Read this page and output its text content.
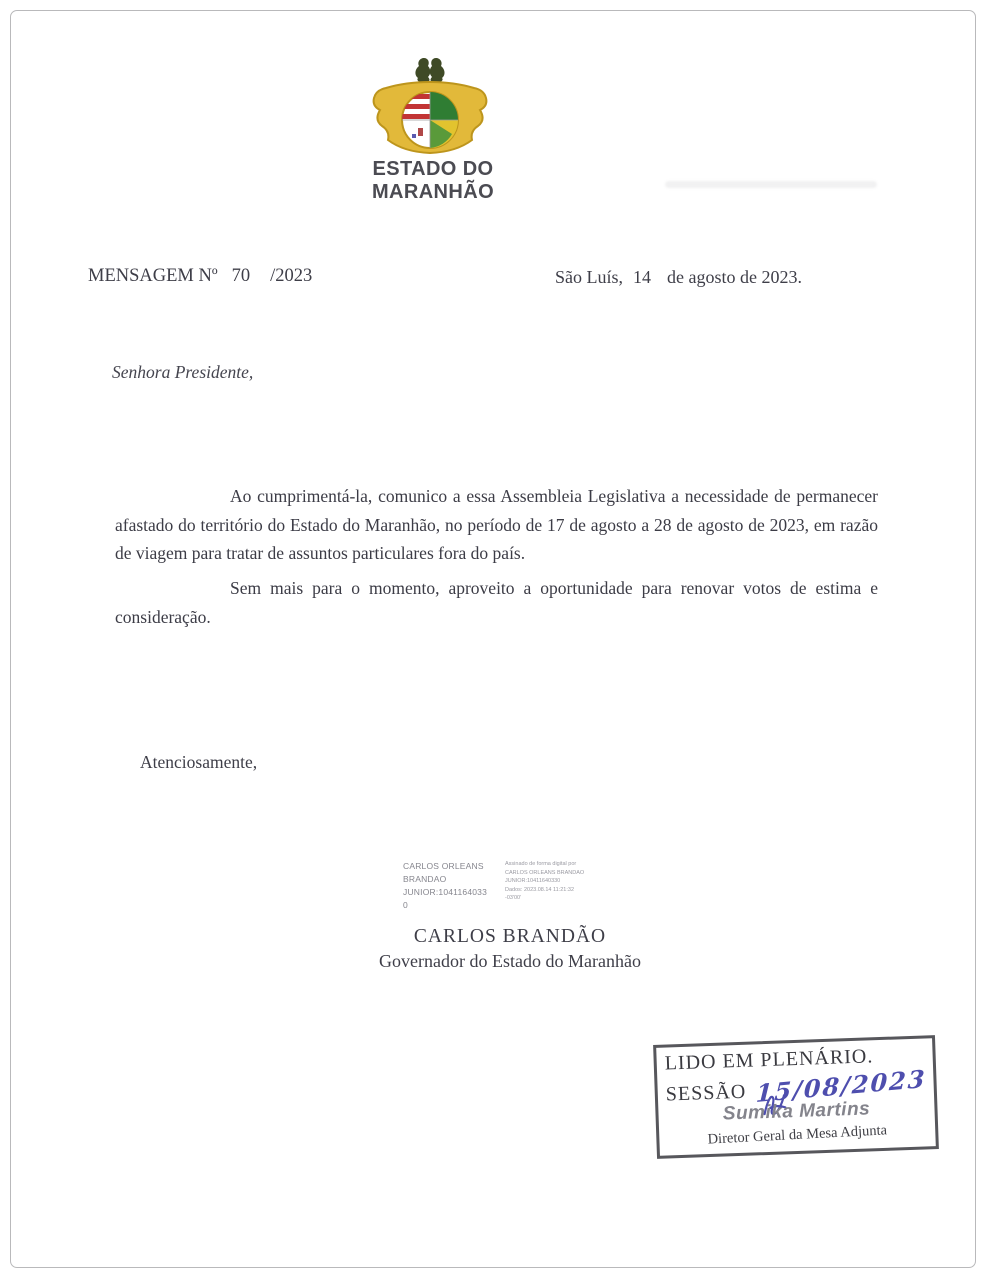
ESTADO DO MARANHÃO
MENSAGEM Nº 70 /2023	São Luís, 14 de agosto de 2023.
Senhora Presidente,
Ao cumprimentá-la, comunico a essa Assembleia Legislativa a necessidade de permanecer afastado do território do Estado do Maranhão, no período de 17 de agosto a 28 de agosto de 2023, em razão de viagem para tratar de assuntos particulares fora do país.
Sem mais para o momento, aproveito a oportunidade para renovar votos de estima e consideração.
Atenciosamente,
CARLOS ORLEANS
BRANDAO
JUNIOR:1041164033
0
Assinado de forma digital por
CARLOS ORLEANS BRANDAO
JUNIOR:10411640330
Dados: 2023.08.14 11:21:32
-03'00'
CARLOS BRANDÃO
Governador do Estado do Maranhão
LIDO EM PLENÁRIO.
SESSÃO 15/08/2023
Sumika Martins
Diretor Geral da Mesa Adjunta
